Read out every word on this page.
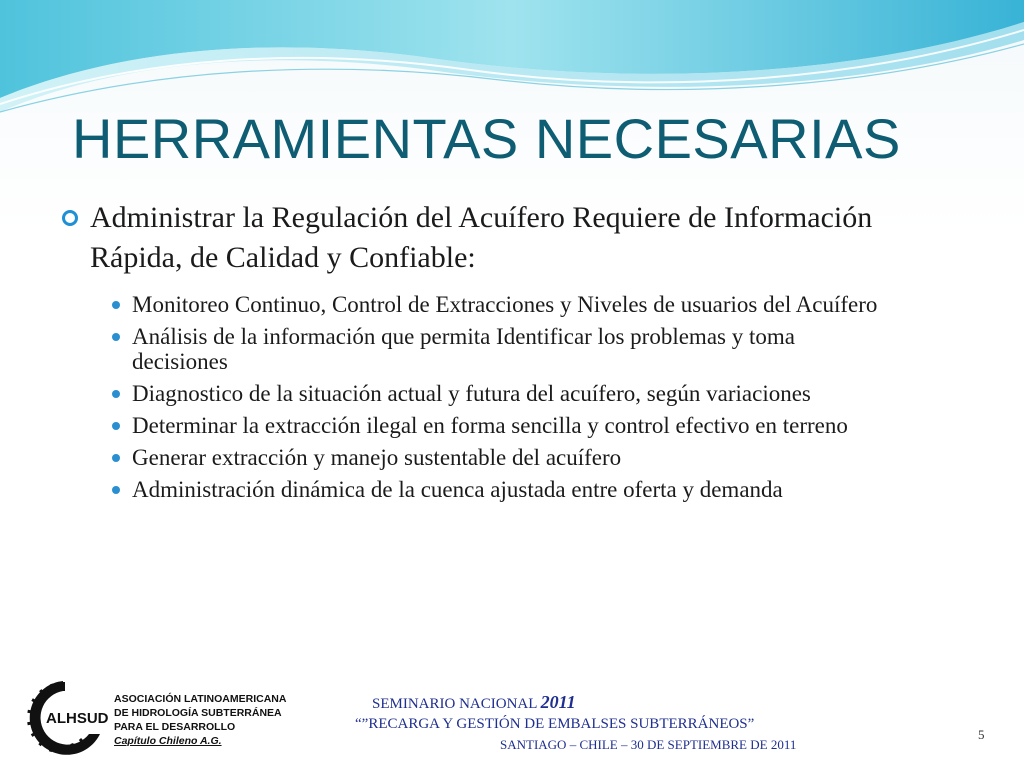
HERRAMIENTAS NECESARIAS
Administrar la Regulación del Acuífero Requiere de Información Rápida, de Calidad y Confiable:
Monitoreo Continuo, Control de Extracciones y Niveles de usuarios del Acuífero
Análisis de la información que permita Identificar los problemas y toma decisiones
Diagnostico de la situación actual y futura del acuífero, según variaciones
Determinar la extracción ilegal en forma sencilla y control efectivo en terreno
Generar extracción y manejo sustentable del acuífero
Administración dinámica de la cuenca ajustada entre oferta y demanda
ALHSUD
ASOCIACIÓN LATINOAMERICANA
DE HIDROLOGÍA SUBTERRÁNEA
PARA EL DESARROLLO
Capítulo Chileno A.G.
SEMINARIO NACIONAL 2011
“”RECARGA Y GESTIÓN DE EMBALSES SUBTERRÁNEOS”
SANTIAGO – CHILE – 30 DE SEPTIEMBRE DE 2011
5
